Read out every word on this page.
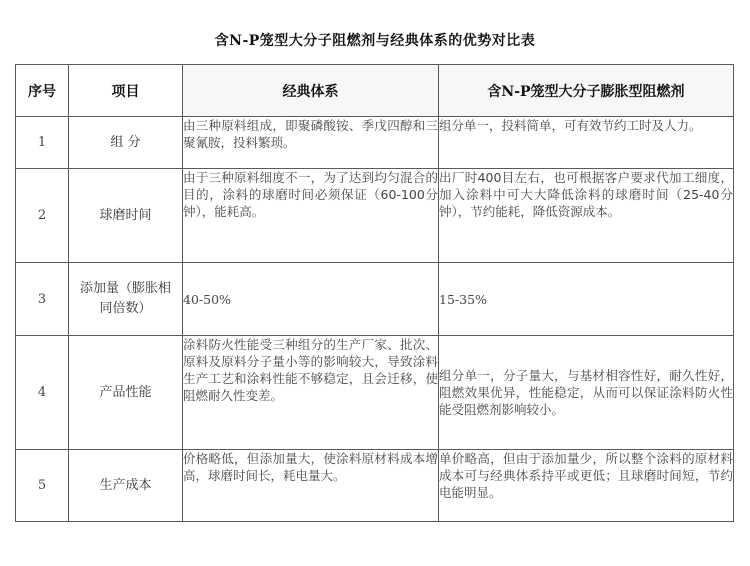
含N-P笼型大分子阻燃剂与经典体系的优势对比表
序号	项目	经典体系	含N-P笼型大分子膨胀型阻燃剂
1	组 分	由三种原料组成，即聚磷酸铵、季戊四醇和三聚氰胺，投料繁琐。	组分单一，投料简单，可有效节约工时及人力。
2	球磨时间	由于三种原料细度不一，为了达到均匀混合的目的，涂料的球磨时间必须保证（60-100分钟），能耗高。	出厂时400目左右，也可根据客户要求代加工细度，加入涂料中可大大降低涂料的球磨时间（25-40分钟），节约能耗，降低资源成本。
3	添加量（膨胀相同倍数）	40-50%	15-35%
4	产品性能	涂料防火性能受三种组分的生产厂家、批次、原料及原料分子量小等的影响较大，导致涂料生产工艺和涂料性能不够稳定，且会迁移，使阻燃耐久性变差。	组分单一，分子量大，与基材相容性好，耐久性好，阻燃效果优异，性能稳定，从而可以保证涂料防火性能受阻燃剂影响较小。
5	生产成本	价格略低，但添加量大，使涂料原材料成本增高，球磨时间长，耗电量大。	单价略高，但由于添加量少，所以整个涂料的原材料成本可与经典体系持平或更低；且球磨时间短，节约电能明显。
